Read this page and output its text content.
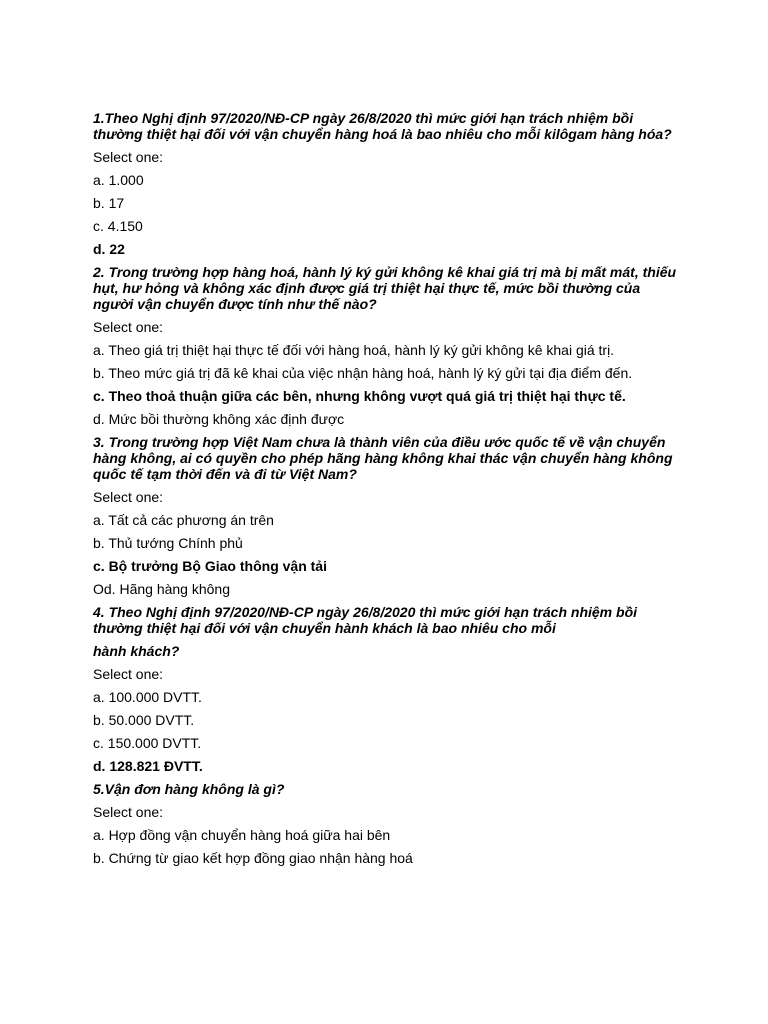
1.Theo Nghị định 97/2020/NĐ-CP ngày 26/8/2020 thì mức giới hạn trách nhiệm bồi thường thiệt hại đối với vận chuyển hàng hoá là bao nhiêu cho mỗi kilôgam hàng hóa?

Select one:

a. 1.000

b. 17

c. 4.150

d. 22

2. Trong trường hợp hàng hoá, hành lý ký gửi không kê khai giá trị mà bị mất mát, thiếu hụt, hư hỏng và không xác định được giá trị thiệt hại thực tế, mức bồi thường của người vận chuyển được tính như thế nào?

Select one:

a. Theo giá trị thiệt hại thực tế đối với hàng hoá, hành lý ký gửi không kê khai giá trị.

b. Theo mức giá trị đã kê khai của việc nhận hàng hoá, hành lý ký gửi tại địa điểm đến.

c. Theo thoả thuận giữa các bên, nhưng không vượt quá giá trị thiệt hại thực tế.

d. Mức bồi thường không xác định được

3. Trong trường hợp Việt Nam chưa là thành viên của điều ước quốc tế về vận chuyển hàng không, ai có quyền cho phép hãng hàng không khai thác vận chuyển hàng không quốc tế tạm thời đến và đi từ Việt Nam?

Select one:

a. Tất cả các phương án trên

b. Thủ tướng Chính phủ

c. Bộ trưởng Bộ Giao thông vận tải

Od. Hãng hàng không

4. Theo Nghị định 97/2020/NĐ-CP ngày 26/8/2020 thì mức giới hạn trách nhiệm bồi thường thiệt hại đối với vận chuyển hành khách là bao nhiêu cho mỗi

hành khách?

Select one:

a. 100.000 DVTT.

b. 50.000 DVTT.

c. 150.000 DVTT.

d. 128.821 ĐVTT.

5.Vận đơn hàng không là gì?

Select one:

a. Hợp đồng vận chuyển hàng hoá giữa hai bên

b. Chứng từ giao kết hợp đồng giao nhận hàng hoá
